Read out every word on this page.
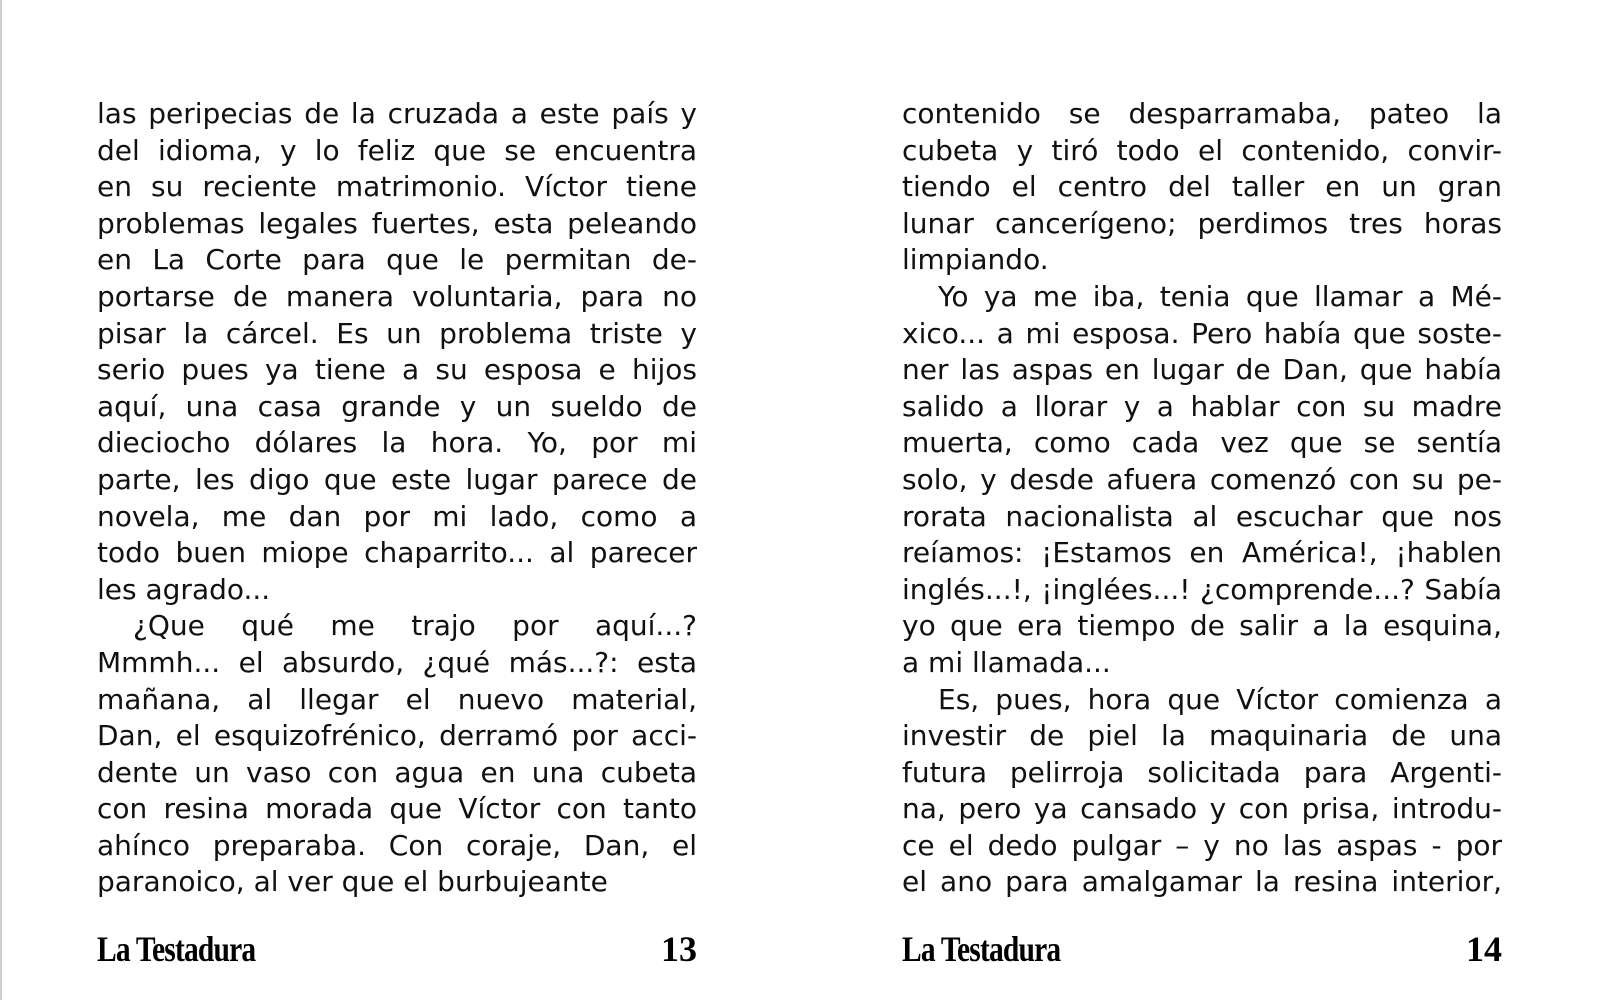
las peripecias de la cruzada a este país y
del idioma, y lo feliz que se encuentra
en su reciente matrimonio. Víctor tiene
problemas legales fuertes, esta peleando
en La Corte para que le permitan de-
portarse de manera voluntaria, para no
pisar la cárcel. Es un problema triste y
serio pues ya tiene a su esposa e hijos
aquí, una casa grande y un sueldo de
dieciocho dólares la hora. Yo, por mi
parte, les digo que este lugar parece de
novela, me dan por mi lado, como a
todo buen miope chaparrito... al parecer
les agrado...
¿Que qué me trajo por aquí...?
Mmmh... el absurdo, ¿qué más...?: esta
mañana, al llegar el nuevo material,
Dan, el esquizofrénico, derramó por acci-
dente un vaso con agua en una cubeta
con resina morada que Víctor con tanto
ahínco preparaba. Con coraje, Dan, el
paranoico, al ver que el burbujeante
La Testadura	13
contenido se desparramaba, pateo la
cubeta y tiró todo el contenido, convir-
tiendo el centro del taller en un gran
lunar cancerígeno; perdimos tres horas
limpiando.
Yo ya me iba, tenia que llamar a Mé-
xico... a mi esposa. Pero había que soste-
ner las aspas en lugar de Dan, que había
salido a llorar y a hablar con su madre
muerta, como cada vez que se sentía
solo, y desde afuera comenzó con su pe-
rorata nacionalista al escuchar que nos
reíamos: ¡Estamos en América!, ¡hablen
inglés...!, ¡inglées...! ¿comprende...? Sabía
yo que era tiempo de salir a la esquina,
a mi llamada...
Es, pues, hora que Víctor comienza a
investir de piel la maquinaria de una
futura pelirroja solicitada para Argenti-
na, pero ya cansado y con prisa, introdu-
ce el dedo pulgar – y no las aspas - por
el ano para amalgamar la resina interior,
La Testadura	14
